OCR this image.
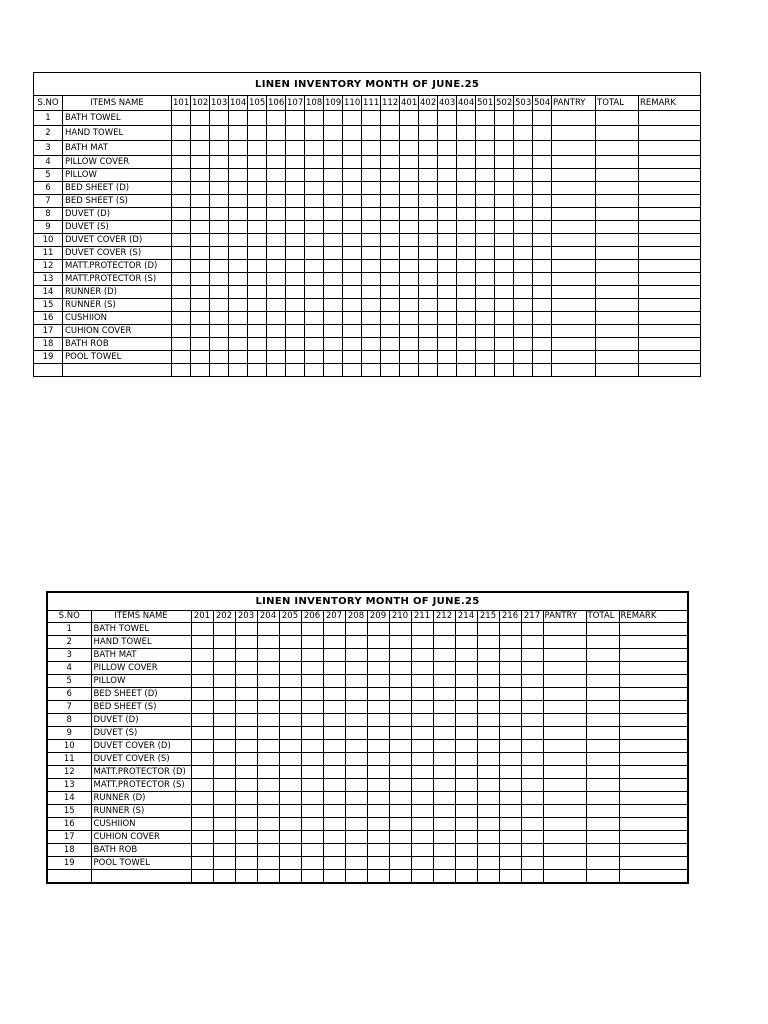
LINEN INVENTORY MONTH OF JUNE.25																								
S.NO	ITEMS NAME	101	102	103	104	105	106	107	108	109	110	111	112	401	402	403	404	501	502	503	504	PANTRY	TOTAL	REMARK
1	BATH TOWEL																							
2	HAND TOWEL																							
3	BATH MAT																							
4	PILLOW COVER																							
5	PILLOW																							
6	BED SHEET (D)																							
7	BED SHEET (S)																							
8	DUVET (D)																							
9	DUVET (S)																							
10	DUVET COVER (D)																							
11	DUVET COVER (S)																							
12	MATT.PROTECTOR (D)																							
13	MATT.PROTECTOR (S)																							
14	RUNNER (D)																							
15	RUNNER (S)																							
16	CUSHIION																							
17	CUHION COVER																							
18	BATH ROB																							
19	POOL TOWEL																							

LINEN INVENTORY MONTH OF JUNE.25																				
S.NO	ITEMS NAME	201	202	203	204	205	206	207	208	209	210	211	212	214	215	216	217	PANTRY	TOTAL	REMARK
1	BATH TOWEL																			
2	HAND TOWEL																			
3	BATH MAT																			
4	PILLOW COVER																			
5	PILLOW																			
6	BED SHEET (D)																			
7	BED SHEET (S)																			
8	DUVET (D)																			
9	DUVET (S)																			
10	DUVET COVER (D)																			
11	DUVET COVER (S)																			
12	MATT.PROTECTOR (D)																			
13	MATT.PROTECTOR (S)																			
14	RUNNER (D)																			
15	RUNNER (S)																			
16	CUSHIION																			
17	CUHION COVER																			
18	BATH ROB																			
19	POOL TOWEL																			
